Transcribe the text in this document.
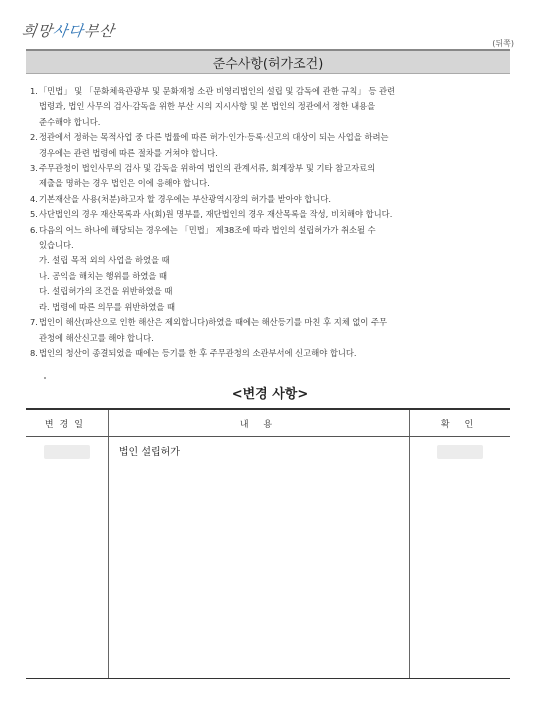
희망사다부산
(뒤쪽)
준수사항(허가조건)
1. 「민법」 및 「문화체육관광부 및 문화재청 소관 비영리법인의 설립 및 감독에 관한 규칙」 등 관련
법령과, 법인 사무의 검사·감독을 위한 부산 시의 지시사항 및 본 법인의 정관에서 정한 내용을
준수해야 합니다.
2. 정관에서 정하는 목적사업 중 다른 법률에 따른 허가·인가·등록·신고의 대상이 되는 사업을 하려는
경우에는 관련 법령에 따른 절차를 거쳐야 합니다.
3. 주무관청이 법인사무의 검사 및 감독을 위하여 법인의 관계서류, 회계장부 및 기타 참고자료의
제출을 명하는 경우 법인은 이에 응해야 합니다.
4. 기본재산을 사용(처분)하고자 할 경우에는 부산광역시장의 허가를 받아야 합니다.
5. 사단법인의 경우 재산목록과 사(회)원 명부를, 재단법인의 경우 재산목록을 작성, 비치해야 합니다.
6. 다음의 어느 하나에 해당되는 경우에는 「민법」 제38조에 따라 법인의 설립허가가 취소될 수
있습니다.
가. 설립 목적 외의 사업을 하였을 때
나. 공익을 해치는 행위를 하였을 때
다. 설립허가의 조건을 위반하였을 때
라. 법령에 따른 의무를 위반하였을 때
7. 법인이 해산(파산으로 인한 해산은 제외합니다)하였을 때에는 해산등기를 마친 후 지체 없이 주무
관청에 해산신고를 해야 합니다.
8. 법인의 청산이 종결되었을 때에는 등기를 한 후 주무관청의 소관부서에 신고해야 합니다.
<변경 사항>
변경일	내 용	확 인

	법인 설립허가	
